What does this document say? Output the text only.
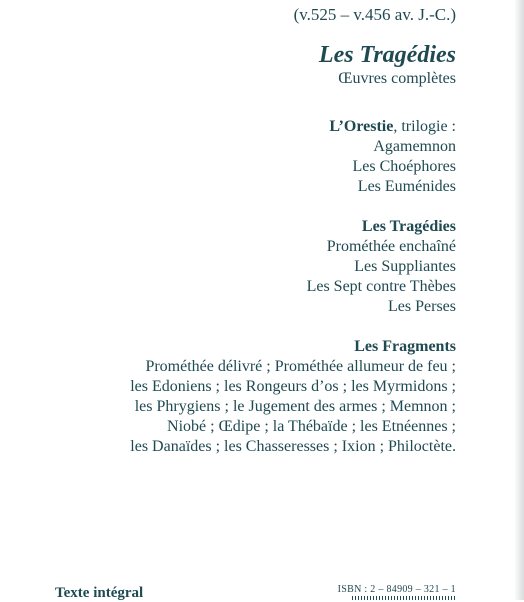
(v.525 – v.456 av. J.-C.)

Les Tragédies

Œuvres complètes

L’Orestie, trilogie :

Agamemnon

Les Choéphores

Les Euménides

Les Tragédies

Prométhée enchaîné

Les Suppliantes

Les Sept contre Thèbes

Les Perses

Les Fragments

Prométhée délivré ; Prométhée allumeur de feu ;

les Edoniens ; les Rongeurs d’os ; les Myrmidons ;

les Phrygiens ; le Jugement des armes ; Memnon ;

Niobé ; Œdipe ; la Thébaïde ; les Etnéennes ;

les Danaïdes ; les Chasseresses ; Ixion ; Philoctète.

Texte intégral	ISBN : 2 – 84909 – 321 – 1
